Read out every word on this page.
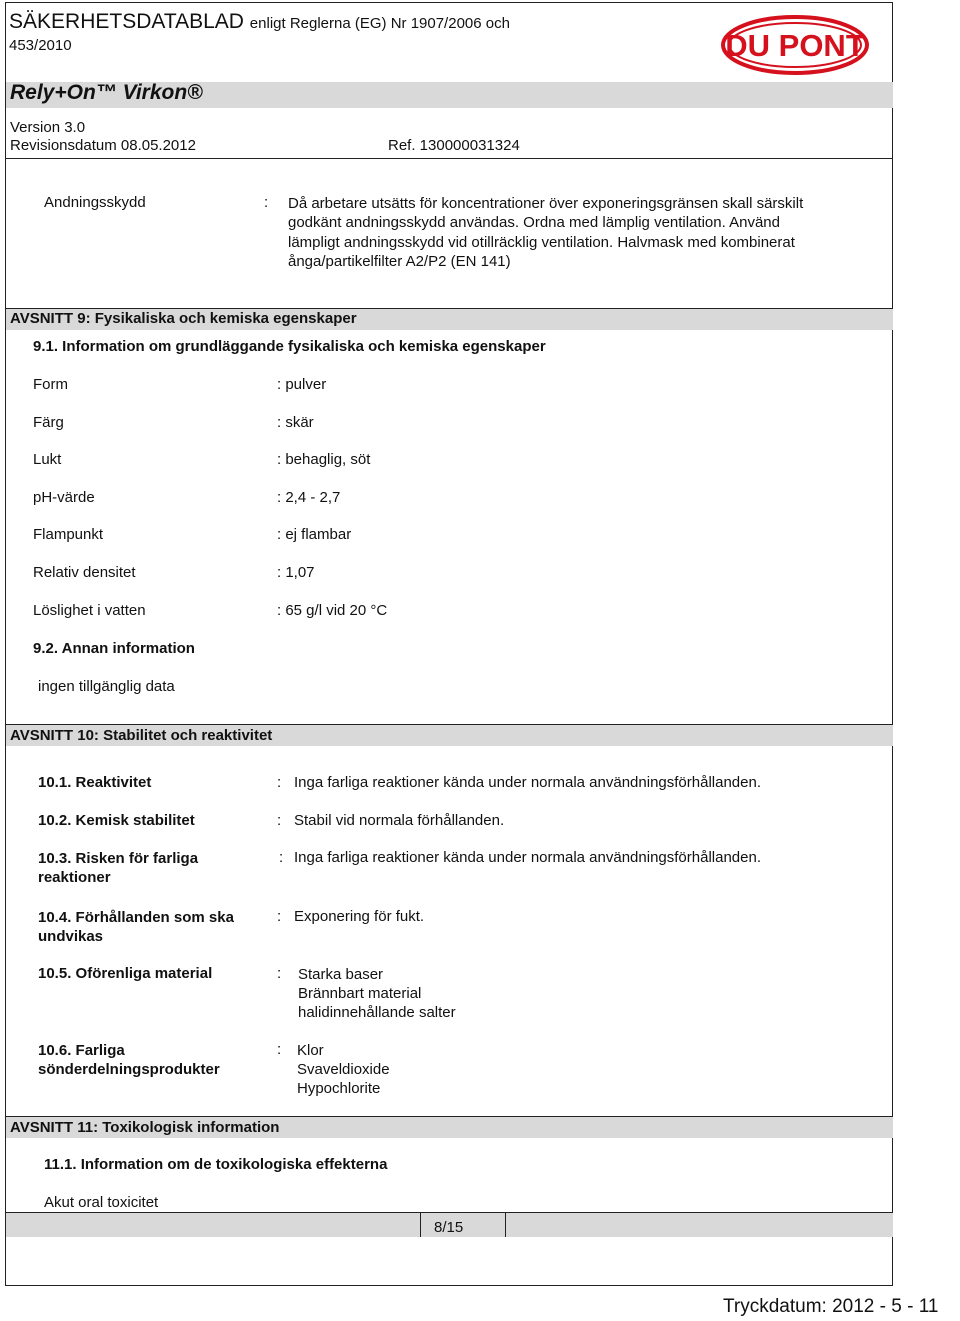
SÄKERHETSDATABLAD enligt Reglerna (EG) Nr 1907/2006 och
453/2010	DU PONT
Rely+On™ Virkon®
Version 3.0
Revisionsdatum 08.05.2012	Ref. 130000031324
Andningsskydd	: Då arbetare utsätts för koncentrationer över exponeringsgränsen skall särskilt
godkänt andningsskydd användas. Ordna med lämplig ventilation. Använd
lämpligt andningsskydd vid otillräcklig ventilation. Halvmask med kombinerat
ånga/partikelfilter A2/P2 (EN 141)
AVSNITT 9: Fysikaliska och kemiska egenskaper
9.1. Information om grundläggande fysikaliska och kemiska egenskaper
Form	: pulver
Färg	: skär
Lukt	: behaglig, söt
pH-värde	: 2,4 - 2,7
Flampunkt	: ej flambar
Relativ densitet	: 1,07
Löslighet i vatten	: 65 g/l vid 20 °C
9.2. Annan information
ingen tillgänglig data
AVSNITT 10: Stabilitet och reaktivitet
10.1. Reaktivitet	: Inga farliga reaktioner kända under normala användningsförhållanden.
10.2. Kemisk stabilitet	: Stabil vid normala förhållanden.
10.3. Risken för farliga
reaktioner
: Inga farliga reaktioner kända under normala användningsförhållanden.
10.4. Förhållanden som ska
undvikas
: Exponering för fukt.
10.5. Oförenliga material	: Starka baser
Brännbart material
halidinnehållande salter
10.6. Farliga
sönderdelningsprodukter
: Klor
Svaveldioxide
Hypochlorite
AVSNITT 11: Toxikologisk information
11.1. Information om de toxikologiska effekterna
Akut oral toxicitet
8/15
Tryckdatum: 2012 - 5 - 11
